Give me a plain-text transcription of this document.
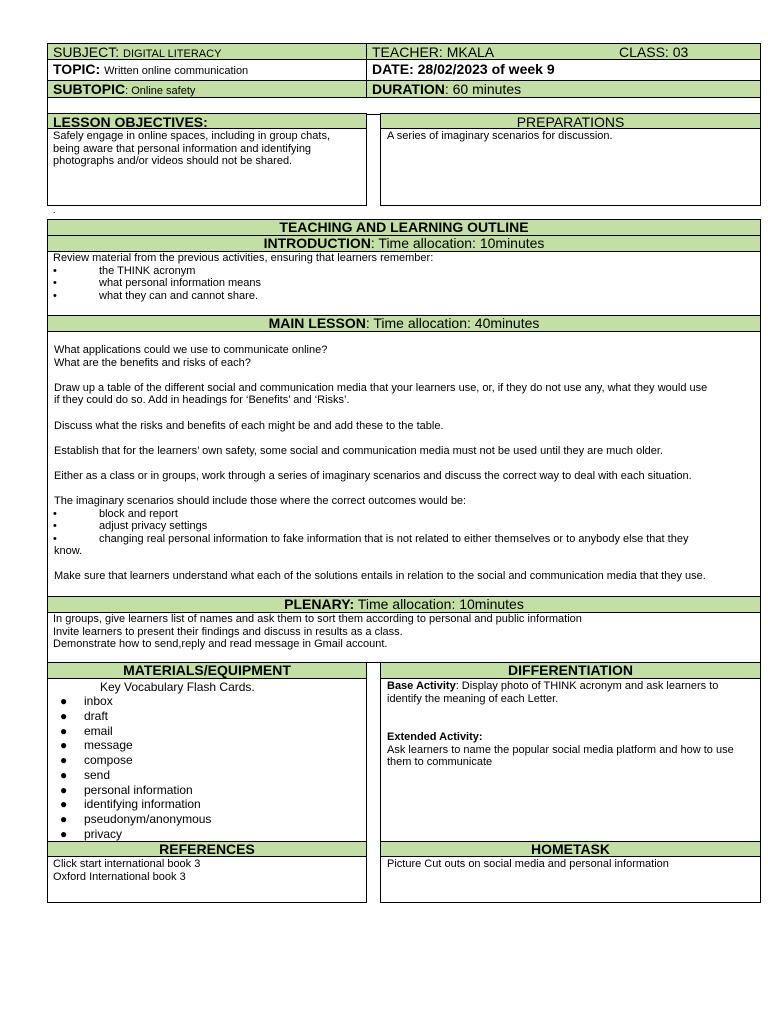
SUBJECT: DIGITAL LITERACY	TEACHER: MKALA	CLASS: 03
TOPIC: Written online communication	DATE: 28/02/2023 of week 9
SUBTOPIC: Online safety	DURATION: 60 minutes
LESSON OBJECTIVES:
Safely engage in online spaces, including in group chats,
being aware that personal information and identifying
photographs and/or videos should not be shared.
PREPARATIONS
A series of imaginary scenarios for discussion.
.
TEACHING AND LEARNING OUTLINE
INTRODUCTION: Time allocation: 10minutes
Review material from the previous activities, ensuring that learners remember:
•	the THINK acronym
•	what personal information means
•	what they can and cannot share.
MAIN LESSON: Time allocation: 40minutes

What applications could we use to communicate online?

What are the benefits and risks of each?

Draw up a table of the different social and communication media that your learners use, or, if they do not use any, what they would use

if they could do so. Add in headings for ‘Benefits’ and ‘Risks’.

Discuss what the risks and benefits of each might be and add these to the table.

Establish that for the learners’ own safety, some social and communication media must not be used until they are much older.

Either as a class or in groups, work through a series of imaginary scenarios and discuss the correct way to deal with each situation.

The imaginary scenarios should include those where the correct outcomes would be:

•	block and report
•	adjust privacy settings
•	changing real personal information to fake information that is not related to either themselves or to anybody else that they

know.

Make sure that learners understand what each of the solutions entails in relation to the social and communication media that they use.

PLENARY: Time allocation: 10minutes
In groups, give learners list of names and ask them to sort them according to personal and public information
Invite learners to present their findings and discuss in results as a class.
Demonstrate how to send,reply and read message in Gmail account.
MATERIALS/EQUIPMENT
Key Vocabulary Flash Cards.
● inbox
● draft
● email
● message
● compose
● send
● personal information
● identifying information
● pseudonym/anonymous
● privacy
DIFFERENTIATION
Base Activity: Display photo of THINK acronym and ask learners to
identify the meaning of each Letter.
Extended Activity:
Ask learners to name the popular social media platform and how to use
them to communicate
REFERENCES
Click start international book 3
Oxford International book 3
HOMETASK
Picture Cut outs on social media and personal information
